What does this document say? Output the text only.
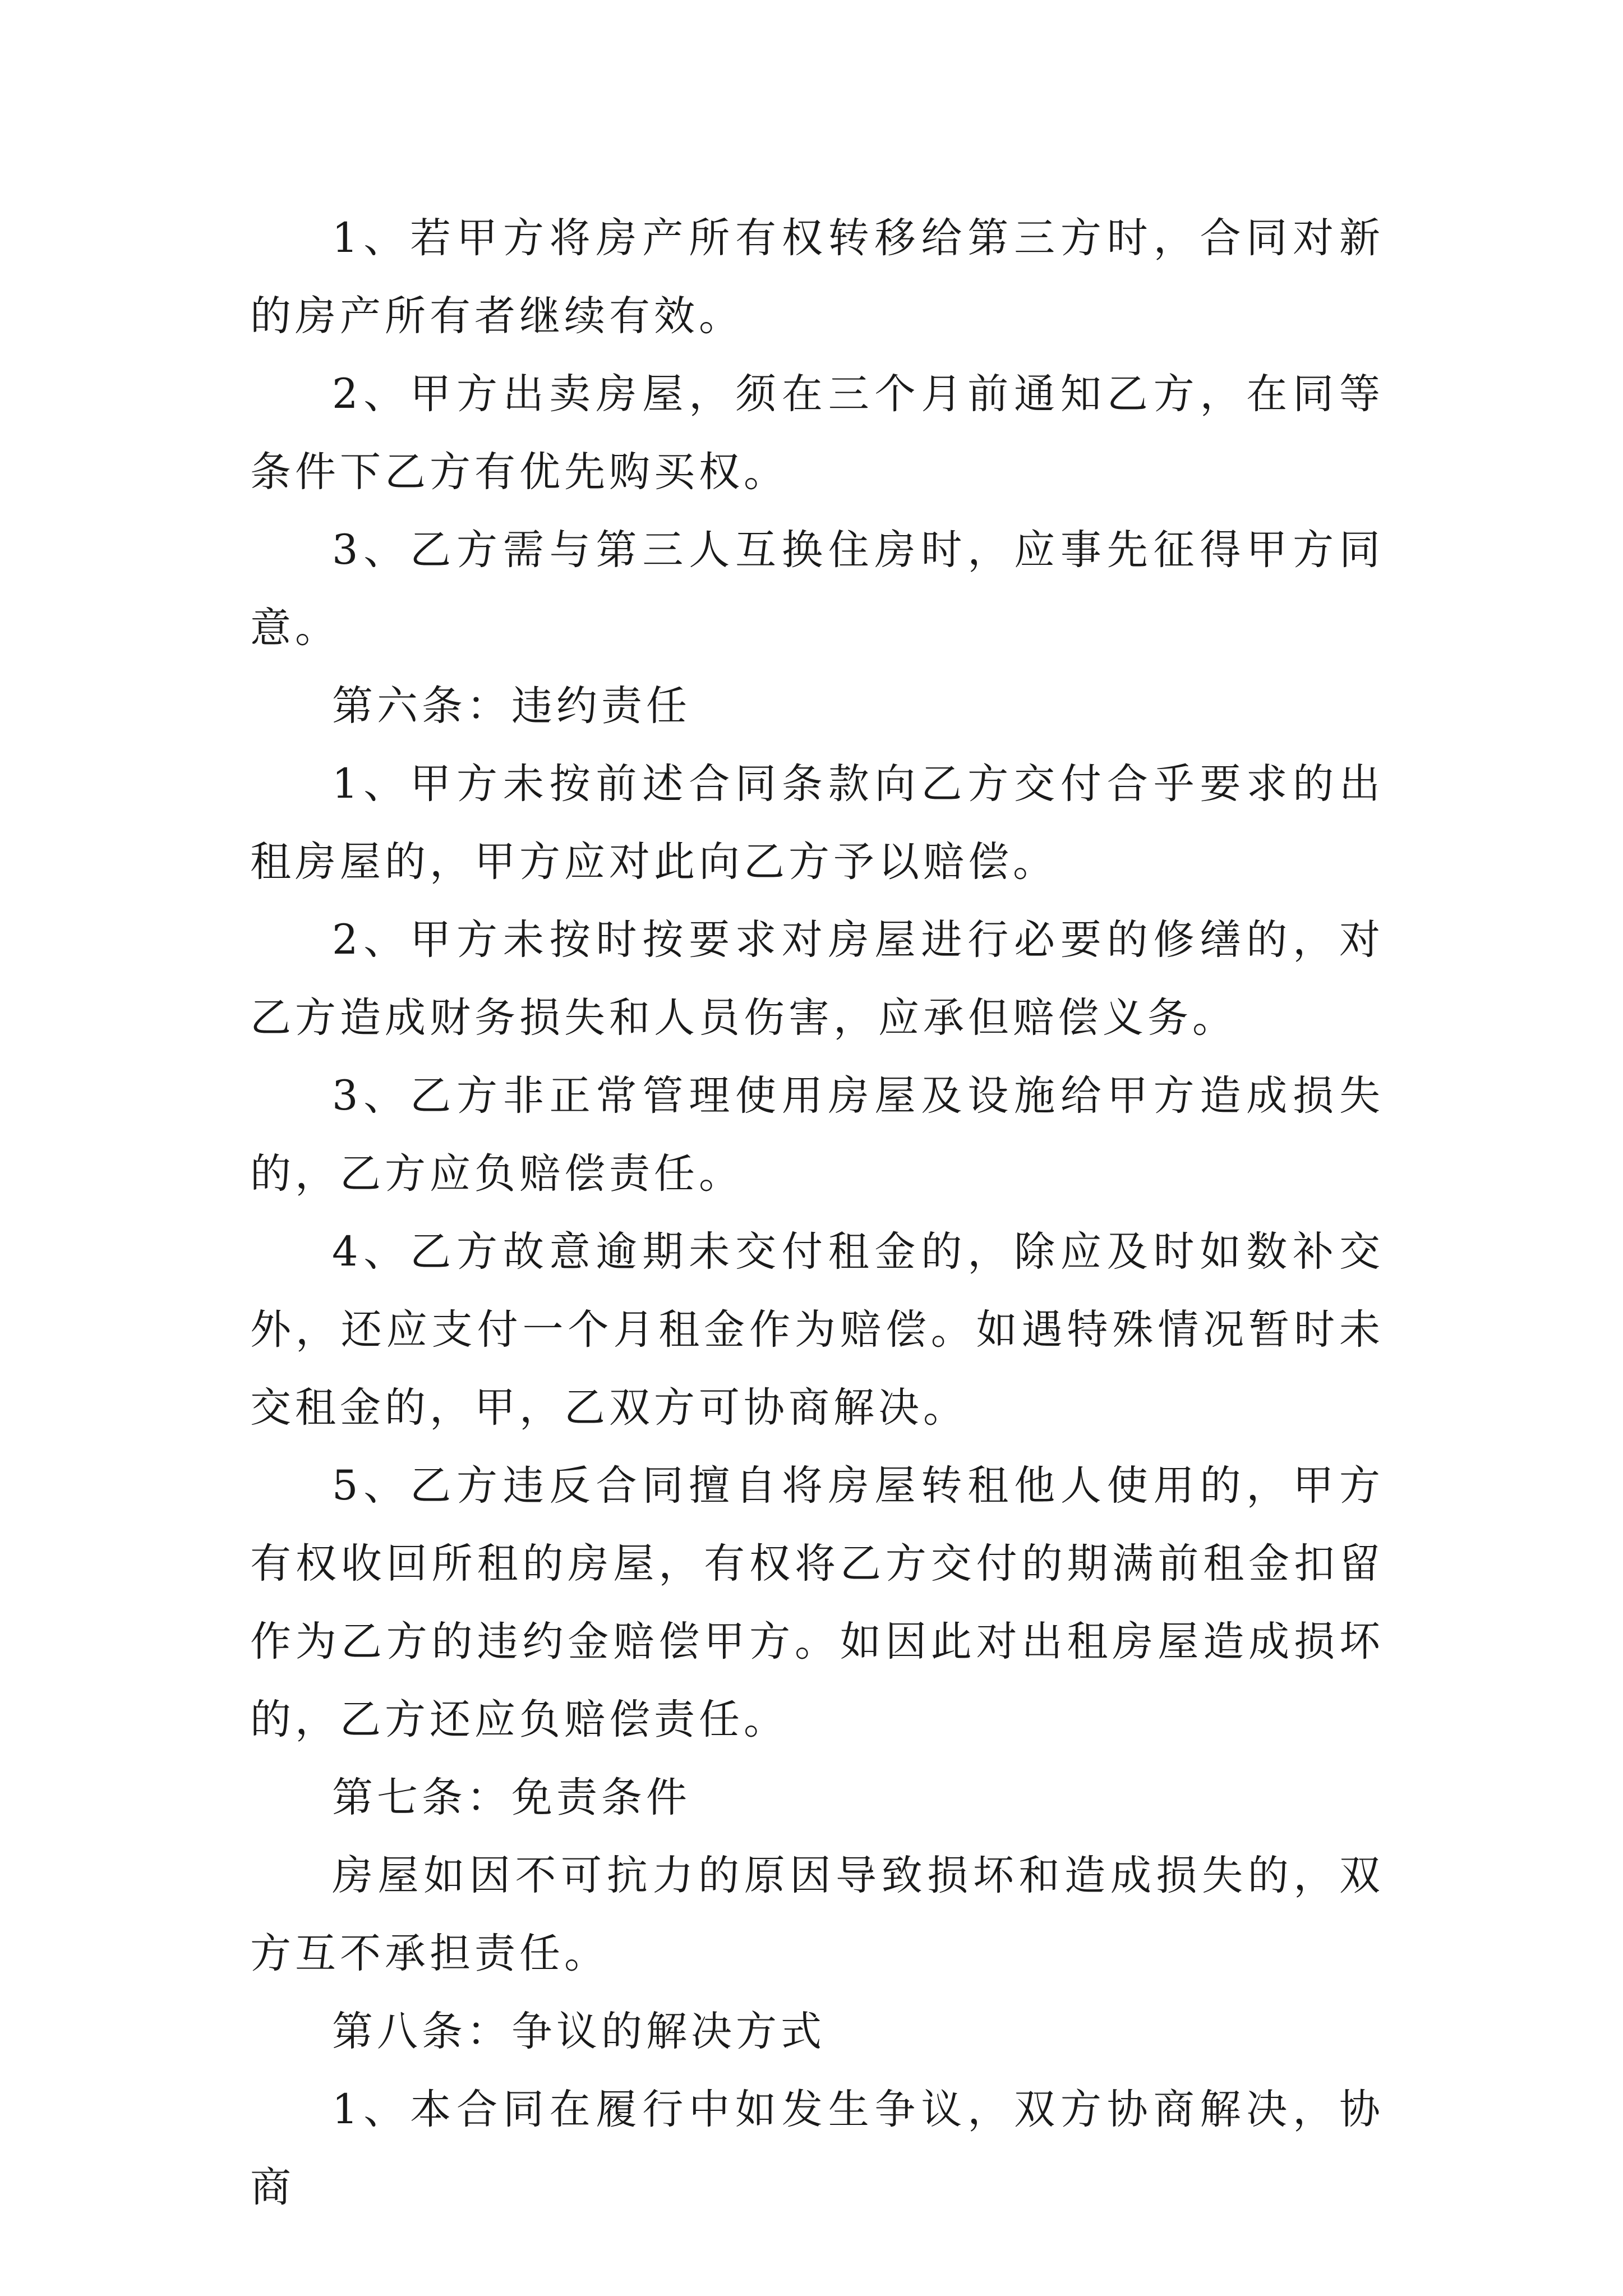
1、若甲方将房产所有权转移给第三方时，合同对新的房产所有者继续有效。

2、甲方出卖房屋，须在三个月前通知乙方，在同等条件下乙方有优先购买权。

3、乙方需与第三人互换住房时，应事先征得甲方同意。

第六条：违约责任

1、甲方未按前述合同条款向乙方交付合乎要求的出租房屋的，甲方应对此向乙方予以赔偿。

2、甲方未按时按要求对房屋进行必要的修缮的，对乙方造成财务损失和人员伤害，应承但赔偿义务。

3、乙方非正常管理使用房屋及设施给甲方造成损失的，乙方应负赔偿责任。

4、乙方故意逾期未交付租金的，除应及时如数补交外，还应支付一个月租金作为赔偿。如遇特殊情况暂时未交租金的，甲，乙双方可协商解决。

5、乙方违反合同擅自将房屋转租他人使用的，甲方有权收回所租的房屋，有权将乙方交付的期满前租金扣留作为乙方的违约金赔偿甲方。如因此对出租房屋造成损坏的，乙方还应负赔偿责任。

第七条：免责条件

房屋如因不可抗力的原因导致损坏和造成损失的，双方互不承担责任。

第八条：争议的解决方式

1、本合同在履行中如发生争议，双方协商解决，协商
